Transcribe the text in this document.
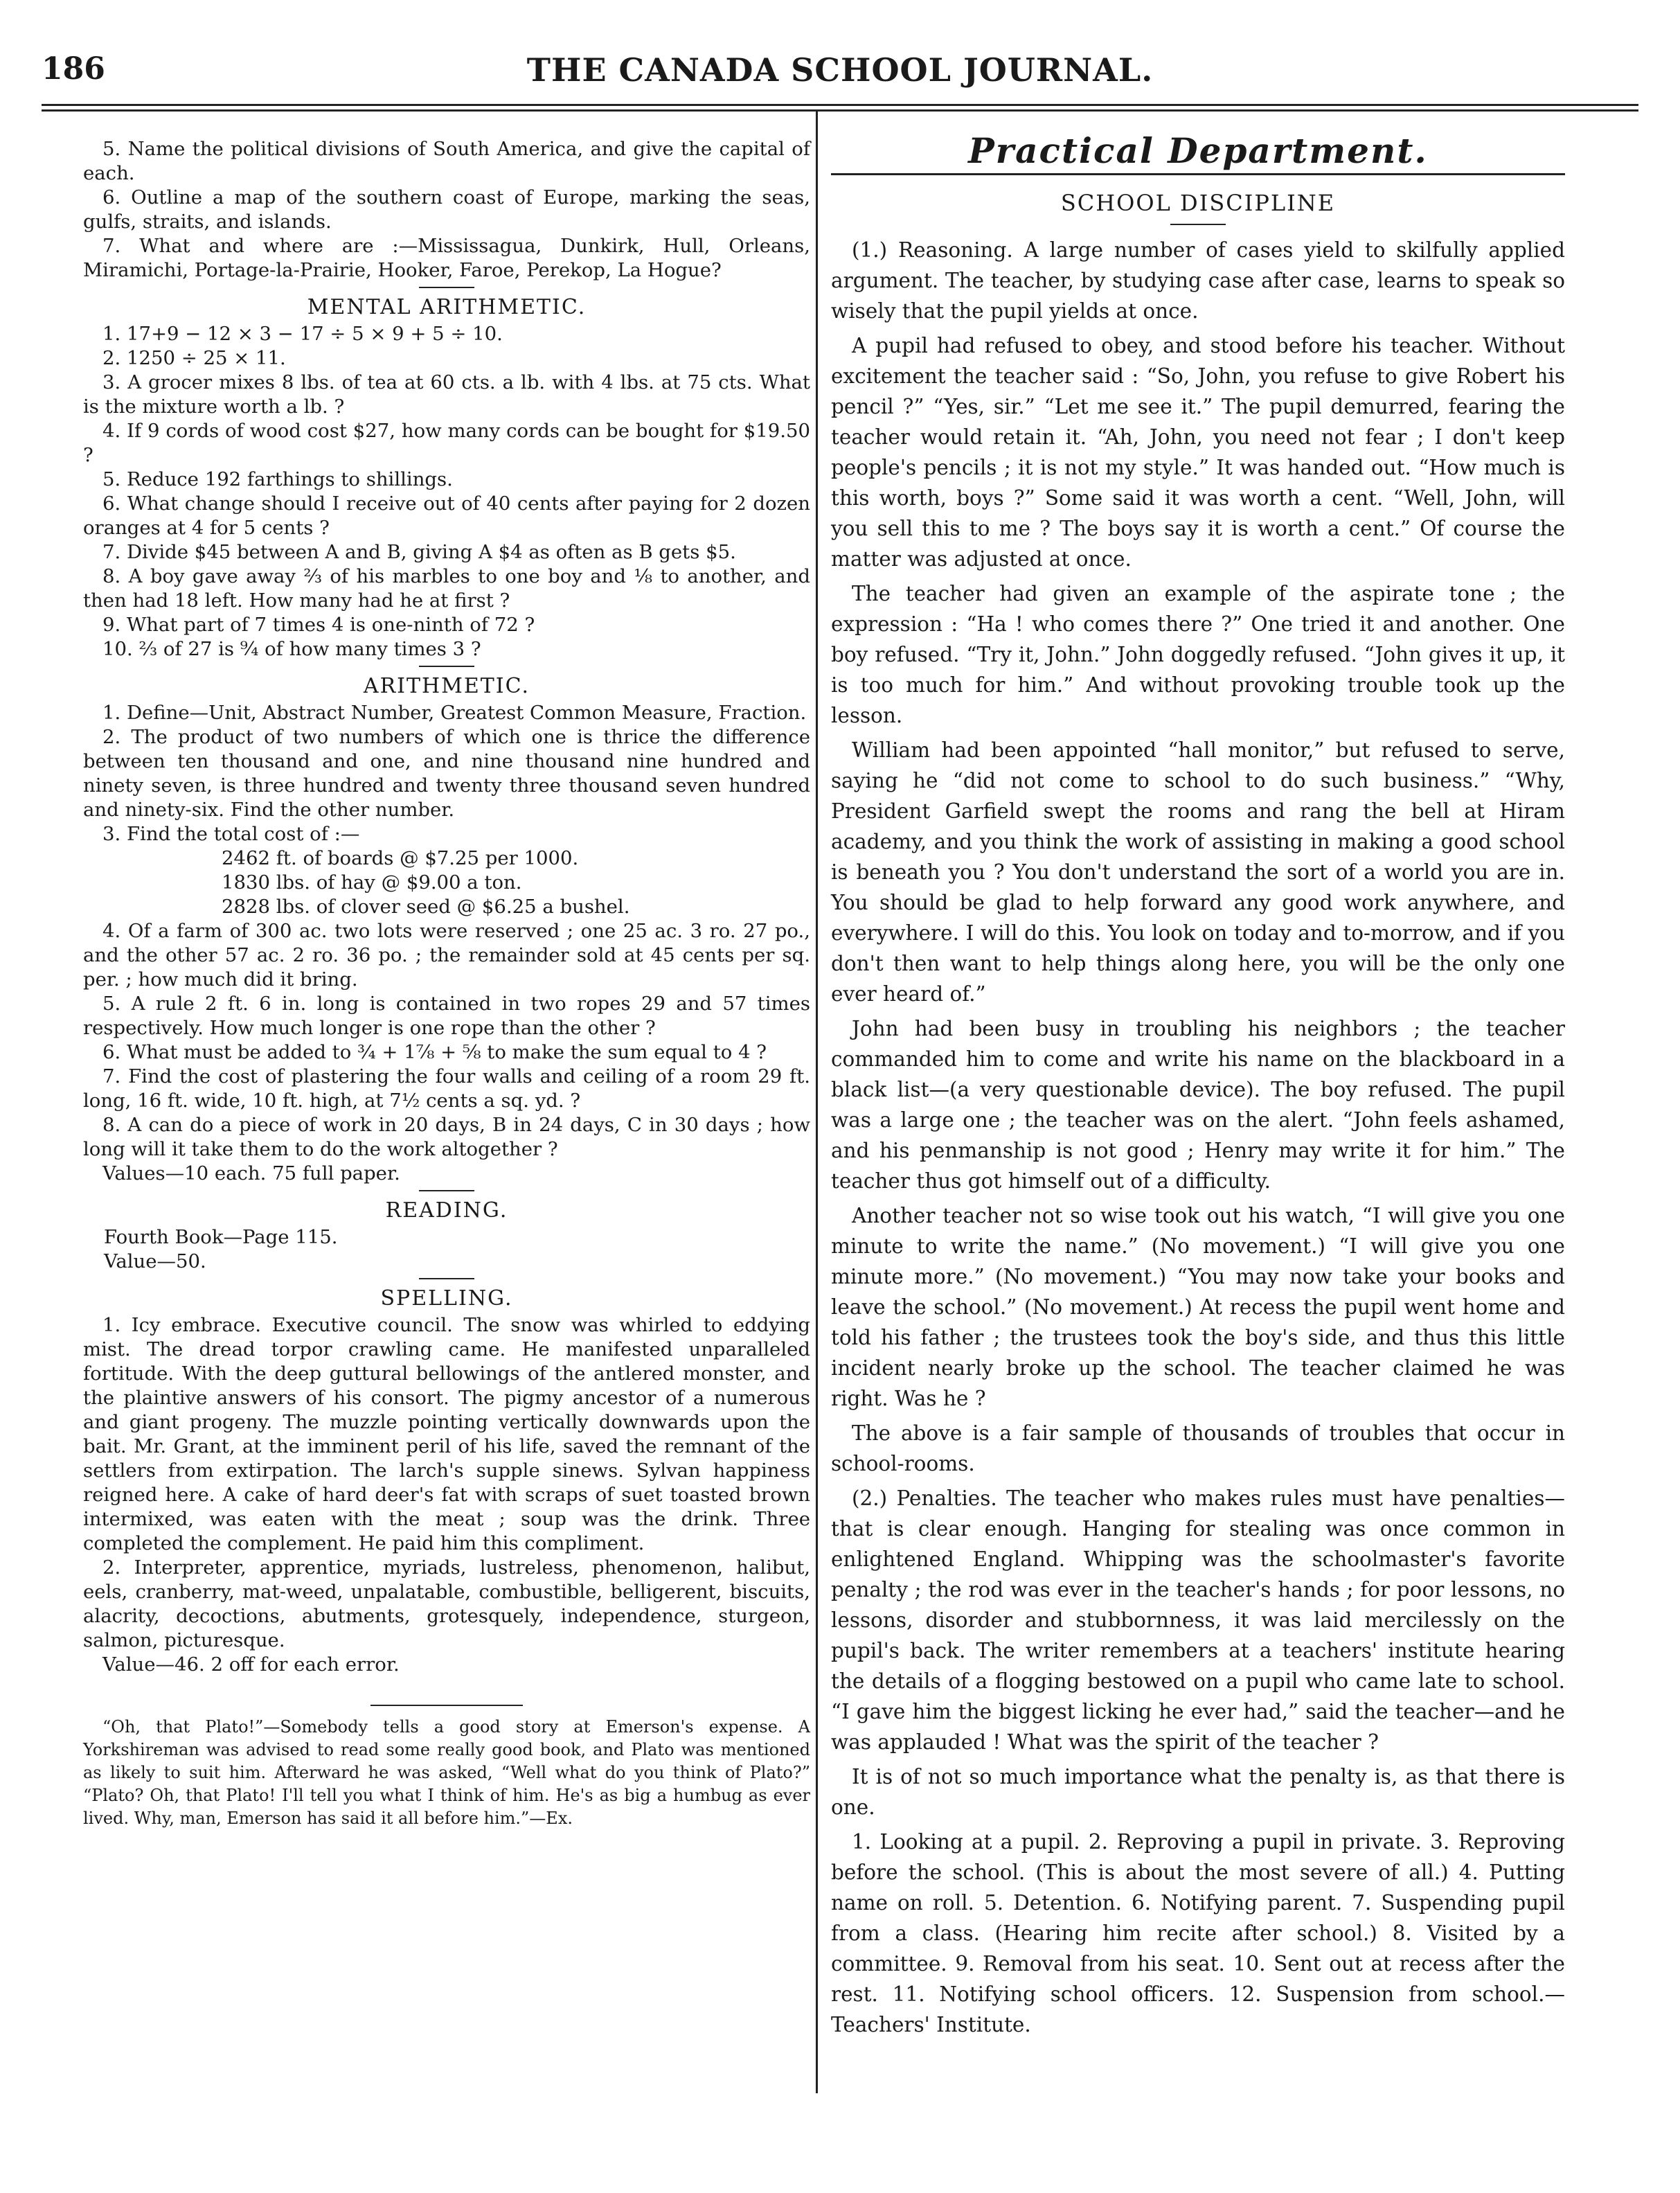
186	THE CANADA SCHOOL JOURNAL.

5. Name the political divisions of South America, and give the capital of each.

6. Outline a map of the southern coast of Europe, marking the seas, gulfs, straits, and islands.

7. What and where are :—Mississagua, Dunkirk, Hull, Orleans, Miramichi, Portage-la-Prairie, Hooker, Faroe, Perekop, La Hogue?

MENTAL ARITHMETIC.

1. 17+9 − 12 × 3 − 17 ÷ 5 × 9 + 5 ÷ 10.

2. 1250 ÷ 25 × 11.

3. A grocer mixes 8 lbs. of tea at 60 cts. a lb. with 4 lbs. at 75 cts. What is the mixture worth a lb. ?

4. If 9 cords of wood cost $27, how many cords can be bought for $19.50 ?

5. Reduce 192 farthings to shillings.

6. What change should I receive out of 40 cents after paying for 2 dozen oranges at 4 for 5 cents ?

7. Divide $45 between A and B, giving A $4 as often as B gets $5.

8. A boy gave away ⅔ of his marbles to one boy and ⅛ to another, and then had 18 left. How many had he at first ?

9. What part of 7 times 4 is one-ninth of 72 ?

10. ⅔ of 27 is ⁹⁄₄ of how many times 3 ?

ARITHMETIC.

1. Define—Unit, Abstract Number, Greatest Common Measure, Fraction.

2. The product of two numbers of which one is thrice the difference between ten thousand and one, and nine thousand nine hundred and ninety seven, is three hundred and twenty three thousand seven hundred and ninety-six. Find the other number.

3. Find the total cost of :—

2462 ft. of boards @ $7.25 per 1000.

1830 lbs. of hay @ $9.00 a ton.

2828 lbs. of clover seed @ $6.25 a bushel.

4. Of a farm of 300 ac. two lots were reserved ; one 25 ac. 3 ro. 27 po., and the other 57 ac. 2 ro. 36 po. ; the remainder sold at 45 cents per sq. per. ; how much did it bring.

5. A rule 2 ft. 6 in. long is contained in two ropes 29 and 57 times respectively. How much longer is one rope than the other ?

6. What must be added to ¾ + 1⅞ + ⅝ to make the sum equal to 4 ?

7. Find the cost of plastering the four walls and ceiling of a room 29 ft. long, 16 ft. wide, 10 ft. high, at 7½ cents a sq. yd. ?

8. A can do a piece of work in 20 days, B in 24 days, C in 30 days ; how long will it take them to do the work altogether ?

Values—10 each. 75 full paper.

READING.

Fourth Book—Page 115.

Value—50.

SPELLING.

1. Icy embrace. Executive council. The snow was whirled to eddying mist. The dread torpor crawling came. He manifested unparalleled fortitude. With the deep guttural bellowings of the antlered monster, and the plaintive answers of his consort. The pigmy ancestor of a numerous and giant progeny. The muzzle pointing vertically downwards upon the bait. Mr. Grant, at the imminent peril of his life, saved the remnant of the settlers from extirpation. The larch's supple sinews. Sylvan happiness reigned here. A cake of hard deer's fat with scraps of suet toasted brown intermixed, was eaten with the meat ; soup was the drink. Three completed the complement. He paid him this compliment.

2. Interpreter, apprentice, myriads, lustreless, phenomenon, halibut, eels, cranberry, mat-weed, unpalatable, combustible, belligerent, biscuits, alacrity, decoctions, abutments, grotesquely, independence, sturgeon, salmon, picturesque.

Value—46. 2 off for each error.

“Oh, that Plato!”—Somebody tells a good story at Emerson's expense. A Yorkshireman was advised to read some really good book, and Plato was mentioned as likely to suit him. Afterward he was asked, “Well what do you think of Plato?” “Plato? Oh, that Plato! I'll tell you what I think of him. He's as big a humbug as ever lived. Why, man, Emerson has said it all before him.”—Ex.

Practical Department.
SCHOOL DISCIPLINE

(1.) Reasoning. A large number of cases yield to skilfully applied argument. The teacher, by studying case after case, learns to speak so wisely that the pupil yields at once.

A pupil had refused to obey, and stood before his teacher. Without excitement the teacher said : “So, John, you refuse to give Robert his pencil ?” “Yes, sir.” “Let me see it.” The pupil demurred, fearing the teacher would retain it. “Ah, John, you need not fear ; I don't keep people's pencils ; it is not my style.” It was handed out. “How much is this worth, boys ?” Some said it was worth a cent. “Well, John, will you sell this to me ? The boys say it is worth a cent.” Of course the matter was adjusted at once.

The teacher had given an example of the aspirate tone ; the expression : “Ha ! who comes there ?” One tried it and another. One boy refused. “Try it, John.” John doggedly refused. “John gives it up, it is too much for him.” And without provoking trouble took up the lesson.

William had been appointed “hall monitor,” but refused to serve, saying he “did not come to school to do such business.” “Why, President Garfield swept the rooms and rang the bell at Hiram academy, and you think the work of assisting in making a good school is beneath you ? You don't understand the sort of a world you are in. You should be glad to help forward any good work anywhere, and everywhere. I will do this. You look on today and to-morrow, and if you don't then want to help things along here, you will be the only one ever heard of.”

John had been busy in troubling his neighbors ; the teacher commanded him to come and write his name on the blackboard in a black list—(a very questionable device). The boy refused. The pupil was a large one ; the teacher was on the alert. “John feels ashamed, and his penmanship is not good ; Henry may write it for him.” The teacher thus got himself out of a difficulty.

Another teacher not so wise took out his watch, “I will give you one minute to write the name.” (No movement.) “I will give you one minute more.” (No movement.) “You may now take your books and leave the school.” (No movement.) At recess the pupil went home and told his father ; the trustees took the boy's side, and thus this little incident nearly broke up the school. The teacher claimed he was right. Was he ?

The above is a fair sample of thousands of troubles that occur in school-rooms.

(2.) Penalties. The teacher who makes rules must have penalties—that is clear enough. Hanging for stealing was once common in enlightened England. Whipping was the schoolmaster's favorite penalty ; the rod was ever in the teacher's hands ; for poor lessons, no lessons, disorder and stubbornness, it was laid mercilessly on the pupil's back. The writer remembers at a teachers' institute hearing the details of a flogging bestowed on a pupil who came late to school. “I gave him the biggest licking he ever had,” said the teacher—and he was applauded ! What was the spirit of the teacher ?

It is of not so much importance what the penalty is, as that there is one.

1. Looking at a pupil. 2. Reproving a pupil in private. 3. Reproving before the school. (This is about the most severe of all.) 4. Putting name on roll. 5. Detention. 6. Notifying parent. 7. Suspending pupil from a class. (Hearing him recite after school.) 8. Visited by a committee. 9. Removal from his seat. 10. Sent out at recess after the rest. 11. Notifying school officers. 12. Suspension from school.—Teachers' Institute.
